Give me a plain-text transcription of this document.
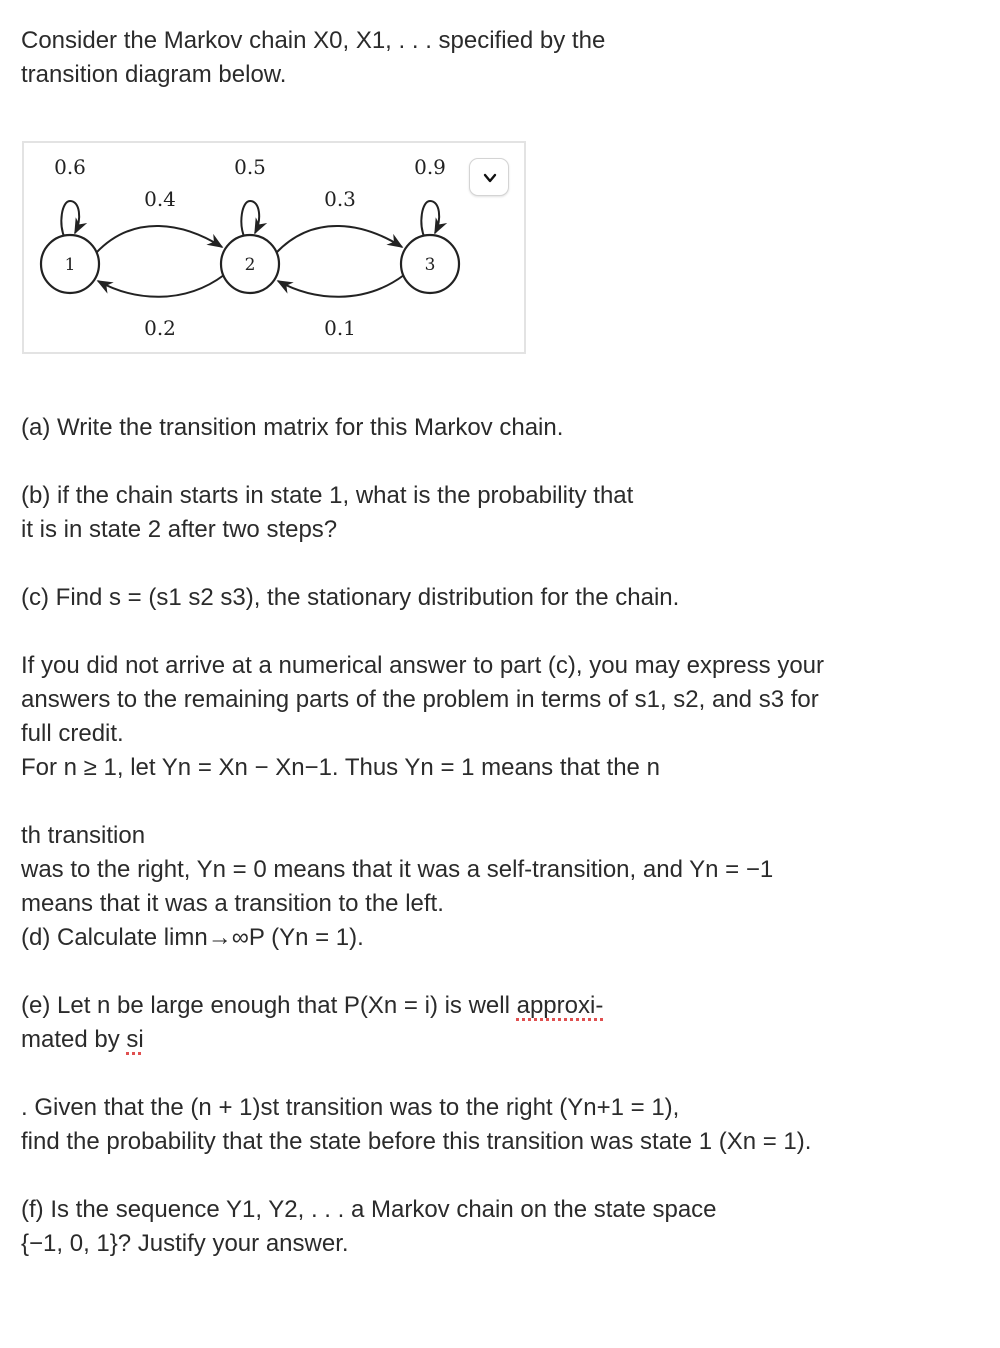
Consider the Markov chain X0, X1, . . . specified by the
transition diagram below.
1	2	3
0.6	0.5	0.9
0.4	0.3
0.2	0.1
(a) Write the transition matrix for this Markov chain.
(b) if the chain starts in state 1, what is the probability that
it is in state 2 after two steps?
(c) Find s = (s1 s2 s3), the stationary distribution for the chain.
If you did not arrive at a numerical answer to part (c), you may express your
answers to the remaining parts of the problem in terms of s1, s2, and s3 for
full credit.
For n ≥ 1, let Yn = Xn − Xn−1. Thus Yn = 1 means that the n
th transition
was to the right, Yn = 0 means that it was a self-transition, and Yn = −1
means that it was a transition to the left.
(d) Calculate limn→∞P (Yn = 1).
(e) Let n be large enough that P(Xn = i) is well approxi-
mated by si
. Given that the (n + 1)st transition was to the right (Yn+1 = 1),
find the probability that the state before this transition was state 1 (Xn = 1).
(f) Is the sequence Y1, Y2, . . . a Markov chain on the state space
{−1, 0, 1}? Justify your answer.
